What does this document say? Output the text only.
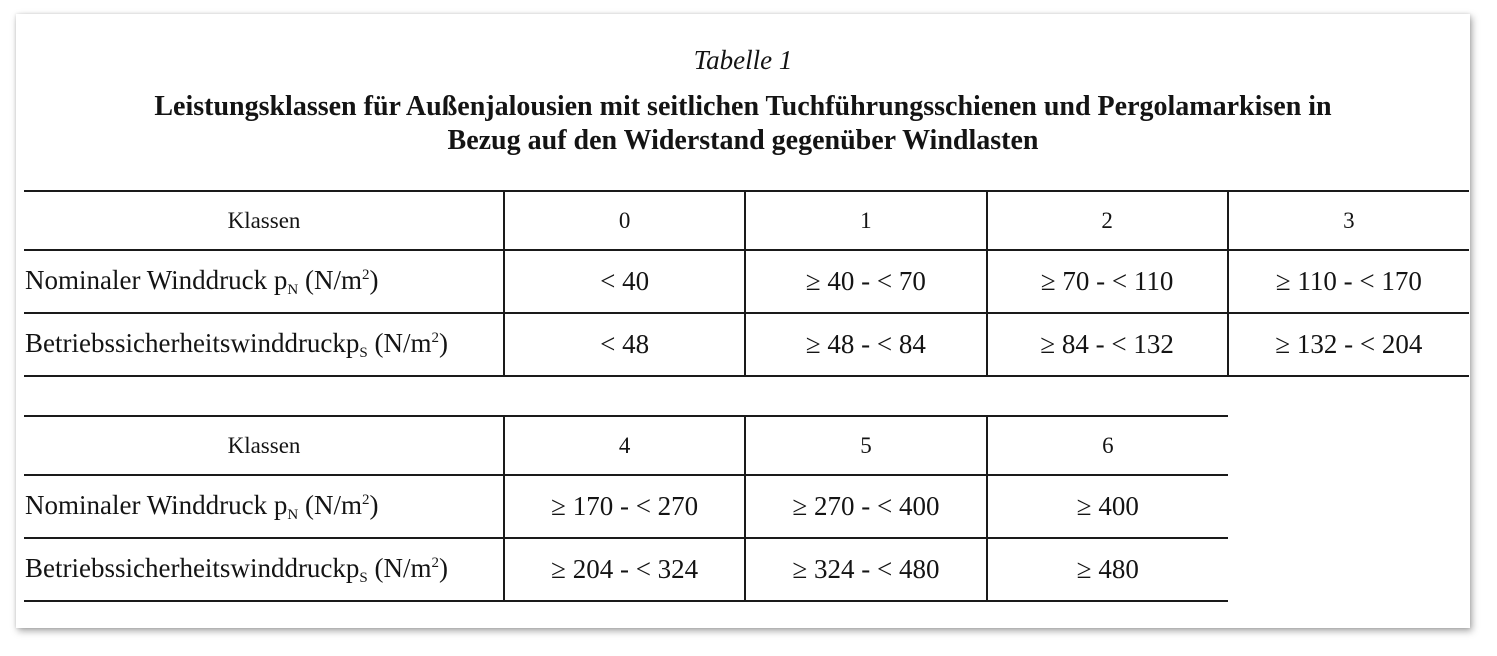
Tabelle 1
Leistungsklassen für Außenjalousien mit seitlichen Tuchführungsschienen und Pergolamarkisen in
Bezug auf den Widerstand gegenüber Windlasten
Klassen	0	1	2	3
Nominaler Winddruck $p_N$ $(N/m^2)$	< 40	≥ 40 - < 70	≥ 70 - < 110	≥ 110 - < 170
Betriebssicherheitswinddruckp$_S$ $(N/m^2)$	< 48	≥ 48 - < 84	≥ 84 - < 132	≥ 132 - < 204
Klassen	4	5	6
Nominaler Winddruck $p_N$ $(N/m^2)$	≥ 170 - < 270	≥ 270 - < 400	≥ 400
Betriebssicherheitswinddruckp$_S$ $(N/m^2)$	≥ 204 - < 324	≥ 324 - < 480	≥ 480
